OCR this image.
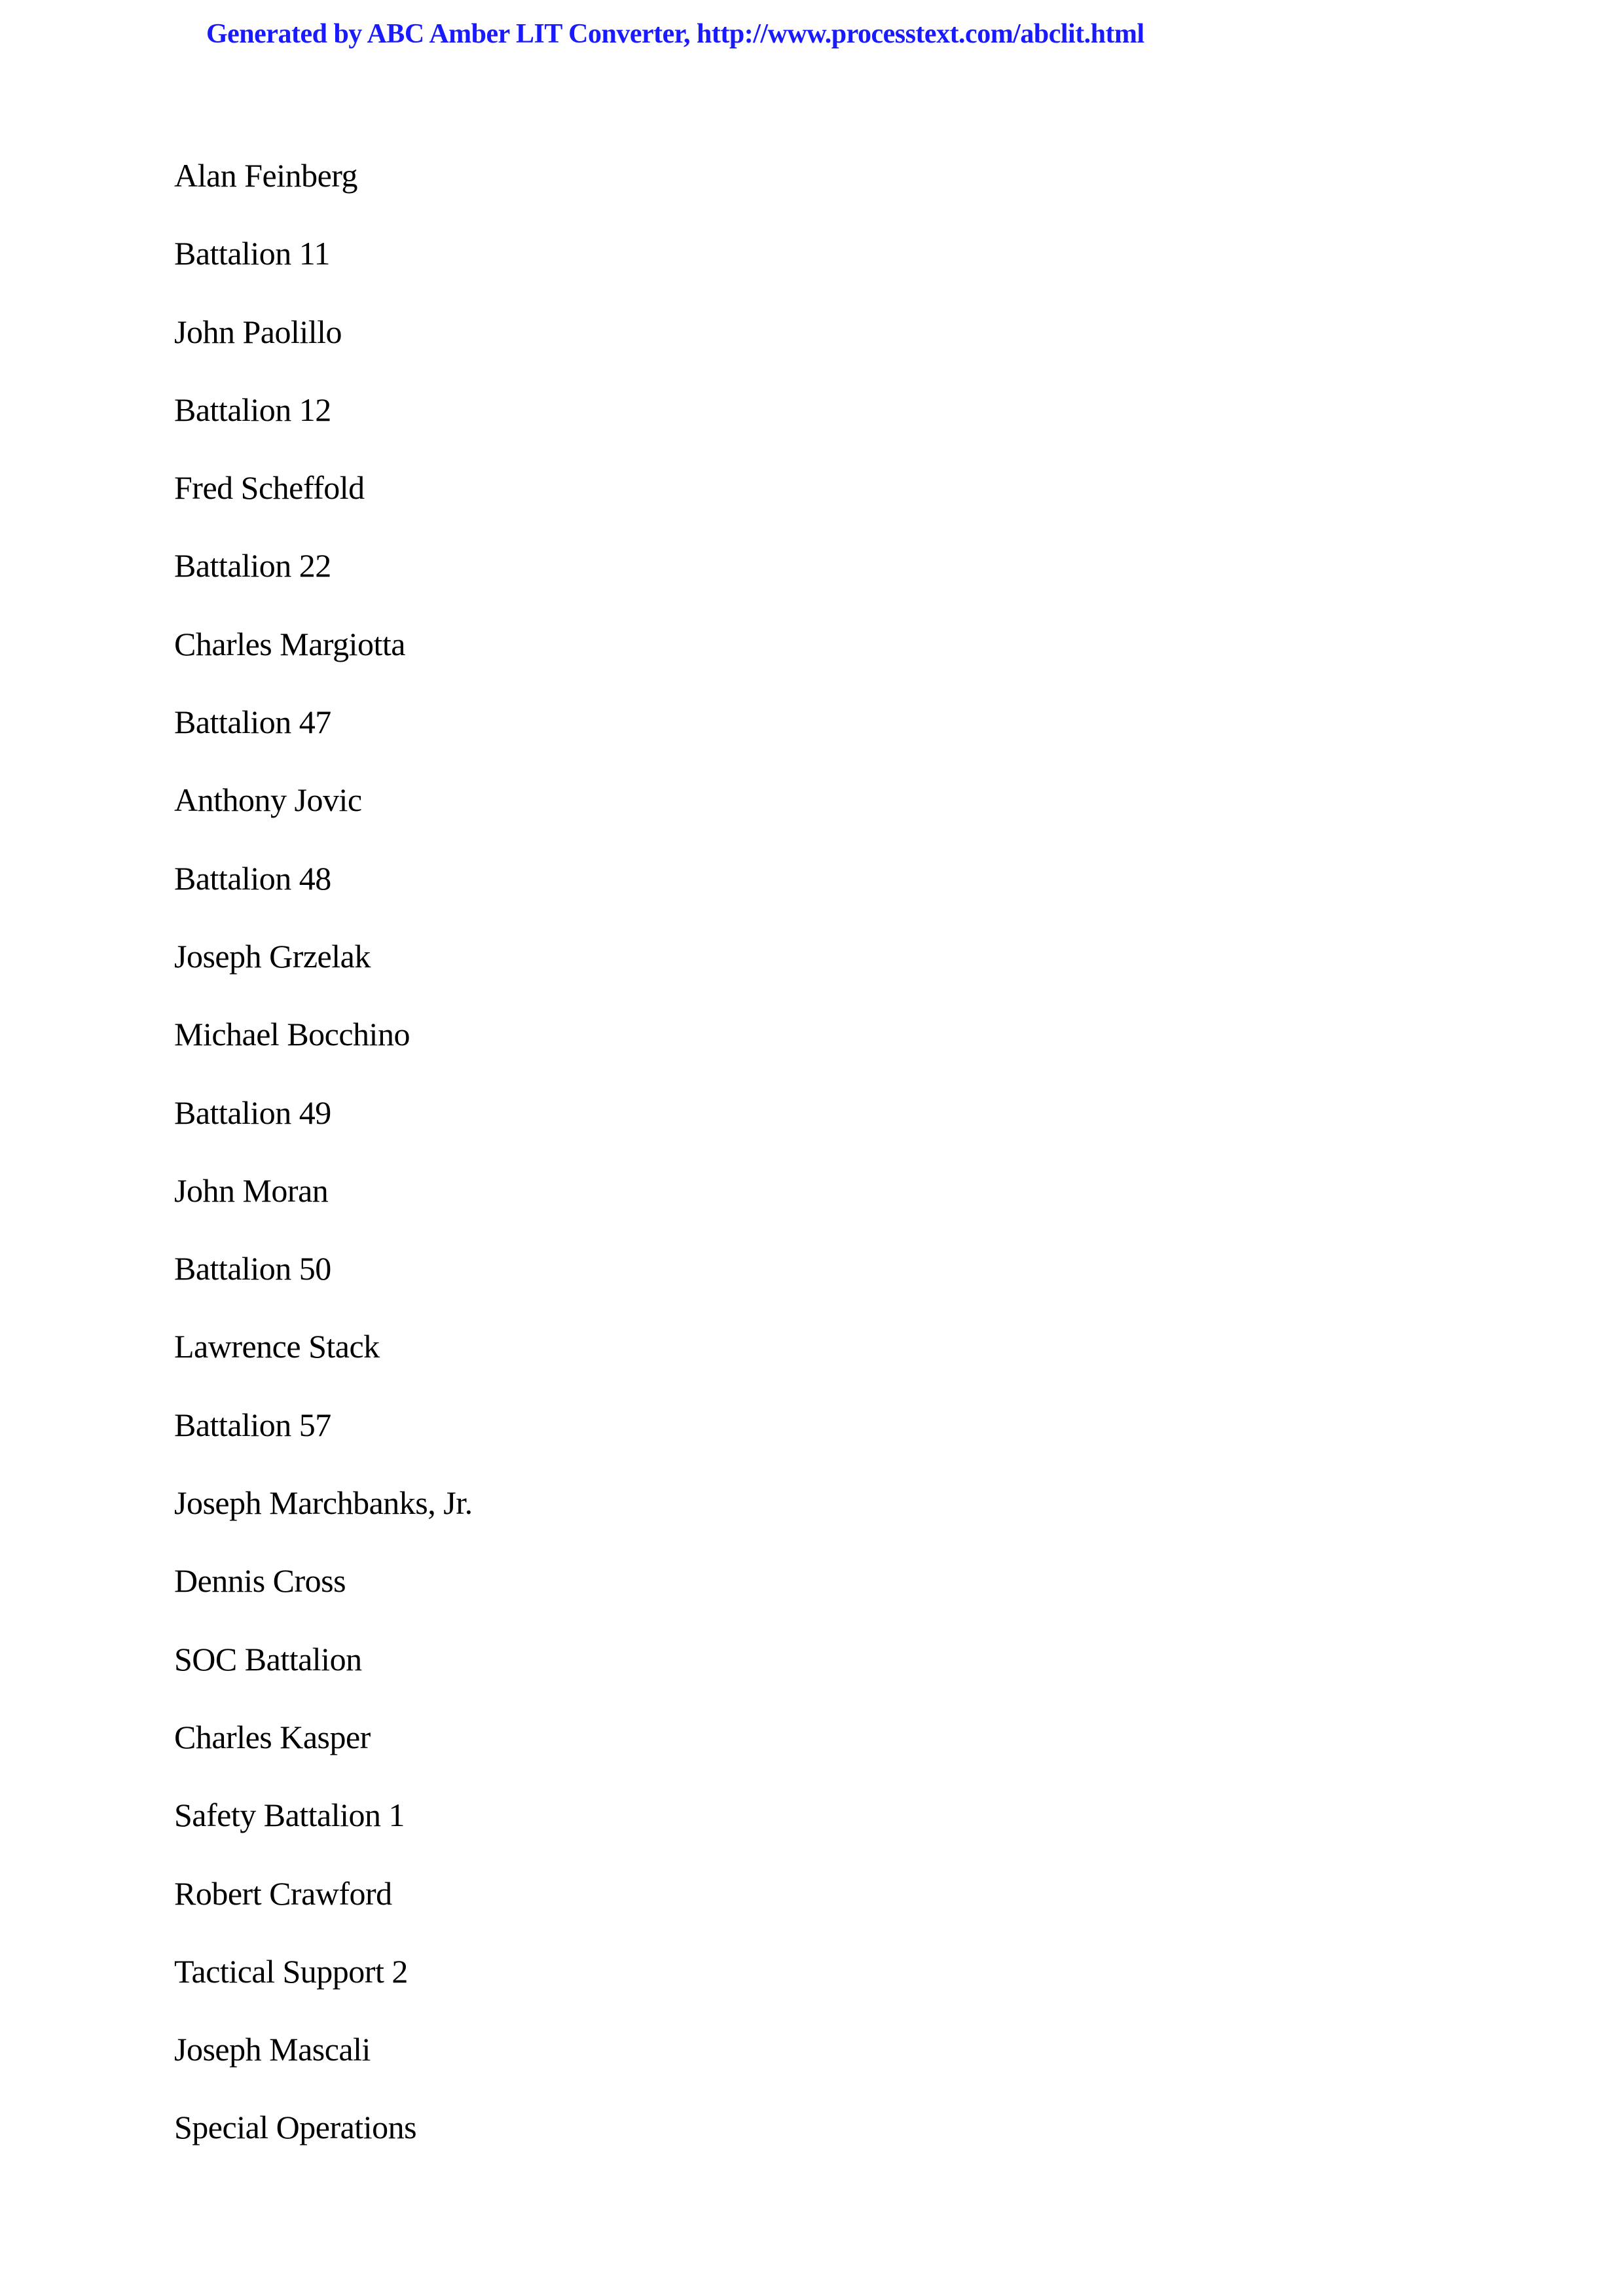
Generated by ABC Amber LIT Converter, http://www.processtext.com/abclit.html
Alan Feinberg
Battalion 11
John Paolillo
Battalion 12
Fred Scheffold
Battalion 22
Charles Margiotta
Battalion 47
Anthony Jovic
Battalion 48
Joseph Grzelak
Michael Bocchino
Battalion 49
John Moran
Battalion 50
Lawrence Stack
Battalion 57
Joseph Marchbanks, Jr.
Dennis Cross
SOC Battalion
Charles Kasper
Safety Battalion 1
Robert Crawford
Tactical Support 2
Joseph Mascali
Special Operations
